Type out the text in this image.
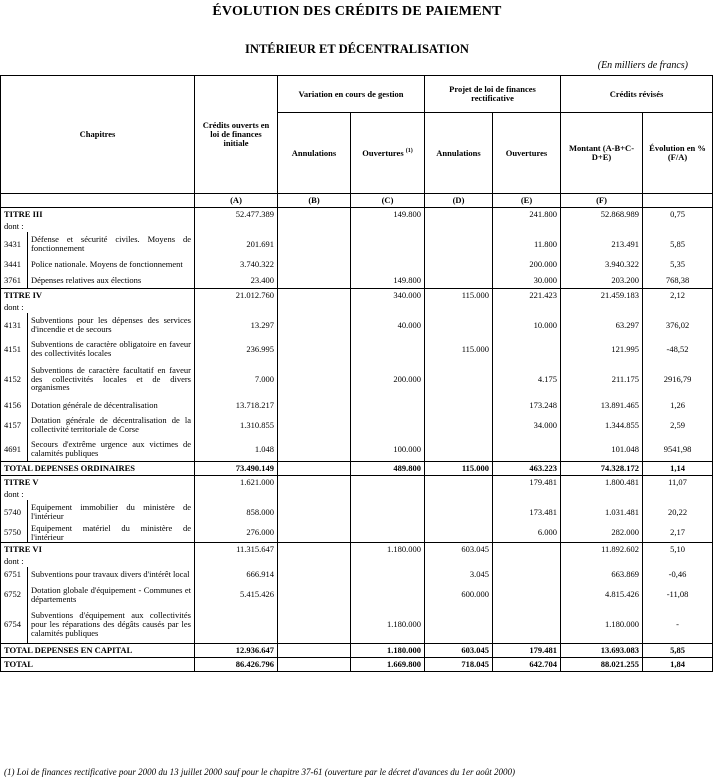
ÉVOLUTION DES CRÉDITS DE PAIEMENT
INTÉRIEUR ET DÉCENTRALISATION
(En milliers de francs)
Chapitres		Crédits ouverts en loi de finances initiale	Variation en cours de gestion		Projet de loi de finances rectificative		Crédits révisés	
			Annulations	Ouvertures $^{(1)}$	Annulations	Ouvertures	Montant (A-B+C-D+E)	Évolution en % (F/A)
		(A)	(B)	(C)	(D)	(E)	(F)	
TITRE III		52.477.389		149.800		241.800	52.868.989	0,75
dont :								
3431	Défense et sécurité civiles. Moyens de fonctionnement	201.691				11.800	213.491	5,85
3441	Police nationale. Moyens de fonctionnement	3.740.322				200.000	3.940.322	5,35
3761	Dépenses relatives aux élections	23.400		149.800		30.000	203.200	768,38
TITRE IV		21.012.760		340.000	115.000	221.423	21.459.183	2,12
dont :								
4131	Subventions pour les dépenses des services d'incendie et de secours	13.297		40.000		10.000	63.297	376,02
4151	Subventions de caractère obligatoire en faveur des collectivités locales	236.995			115.000		121.995	-48,52
4152	Subventions de caractère facultatif en faveur des collectivités locales et de divers organismes	7.000		200.000		4.175	211.175	2916,79
4156	Dotation générale de décentralisation	13.718.217				173.248	13.891.465	1,26
4157	Dotation générale de décentralisation de la collectivité territoriale de Corse	1.310.855				34.000	1.344.855	2,59
4691	Secours d'extrême urgence aux victimes de calamités publiques	1.048		100.000			101.048	9541,98
TOTAL DEPENSES ORDINAIRES		73.490.149		489.800	115.000	463.223	74.328.172	1,14
TITRE V		1.621.000				179.481	1.800.481	11,07
dont :								
5740	Equipement immobilier du ministère de l'intérieur	858.000				173.481	1.031.481	20,22
5750	Equipement matériel du ministère de l'intérieur	276.000				6.000	282.000	2,17
TITRE VI		11.315.647		1.180.000	603.045		11.892.602	5,10
dont :								
6751	Subventions pour travaux divers d'intérêt local	666.914			3.045		663.869	-0,46
6752	Dotation globale d'équipement - Communes et départements	5.415.426			600.000		4.815.426	-11,08
6754	Subventions d'équipement aux collectivités pour les réparations des dégâts causés par les calamités publiques			1.180.000			1.180.000	-
TOTAL DEPENSES EN CAPITAL		12.936.647		1.180.000	603.045	179.481	13.693.083	5,85
TOTAL		86.426.796		1.669.800	718.045	642.704	88.021.255	1,84
(1) Loi de finances rectificative pour 2000 du 13 juillet 2000 sauf pour le chapitre 37-61 (ouverture par le décret d'avances du 1er août 2000)
